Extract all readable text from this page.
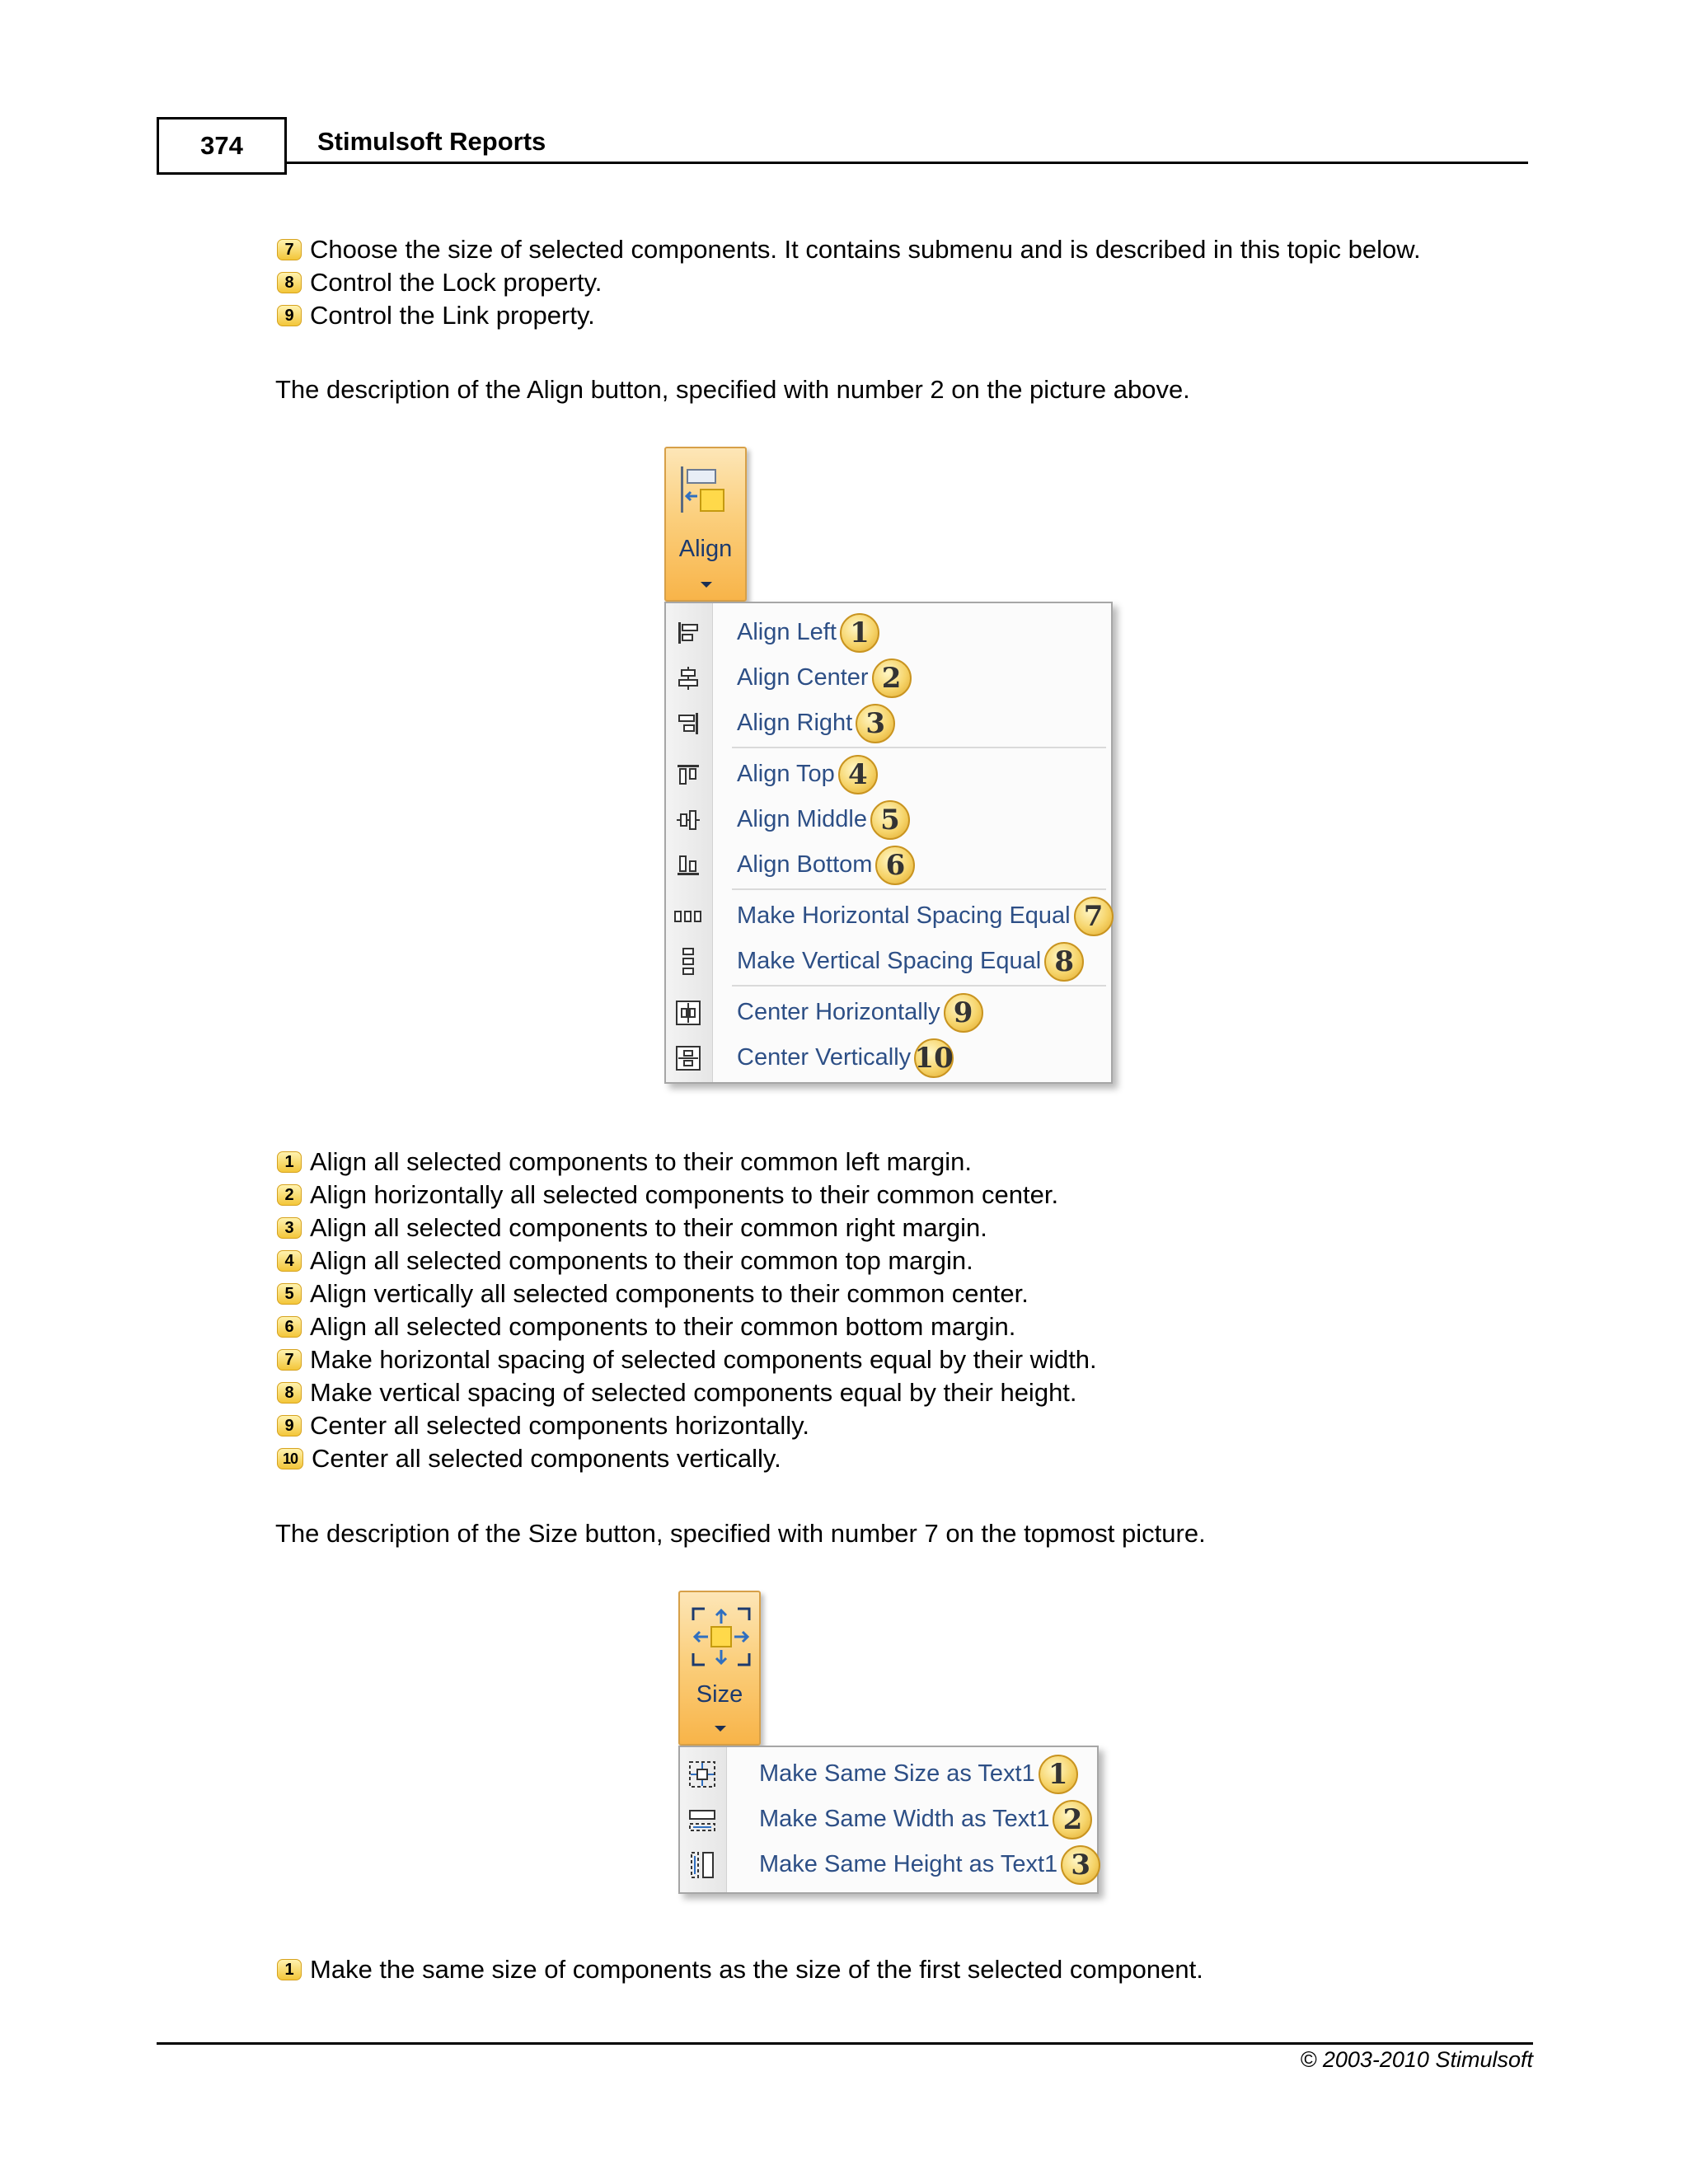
374	Stimulsoft Reports
7 Choose the size of selected components. It contains submenu and is described in this topic below.
8 Control the Lock property.
9 Control the Link property.
The description of the Align button, specified with number 2 on the picture above.
Align
Align Left 1
Align Center 2
Align Right 3
Align Top 4
Align Middle 5
Align Bottom 6
Make Horizontal Spacing Equal 7
Make Vertical Spacing Equal 8
Center Horizontally 9
Center Vertically 10
1 Align all selected components to their common left margin.
2 Align horizontally all selected components to their common center.
3 Align all selected components to their common right margin.
4 Align all selected components to their common top margin.
5 Align vertically all selected components to their common center.
6 Align all selected components to their common bottom margin.
7 Make horizontal spacing of selected components equal by their width.
8 Make vertical spacing of selected components equal by their height.
9 Center all selected components horizontally.
10 Center all selected components vertically.
The description of the Size button, specified with number 7 on the topmost picture.
Size
Make Same Size as Text1 1
Make Same Width as Text1 2
Make Same Height as Text1 3
1 Make the same size of components as the size of the first selected component.
© 2003-2010 Stimulsoft
